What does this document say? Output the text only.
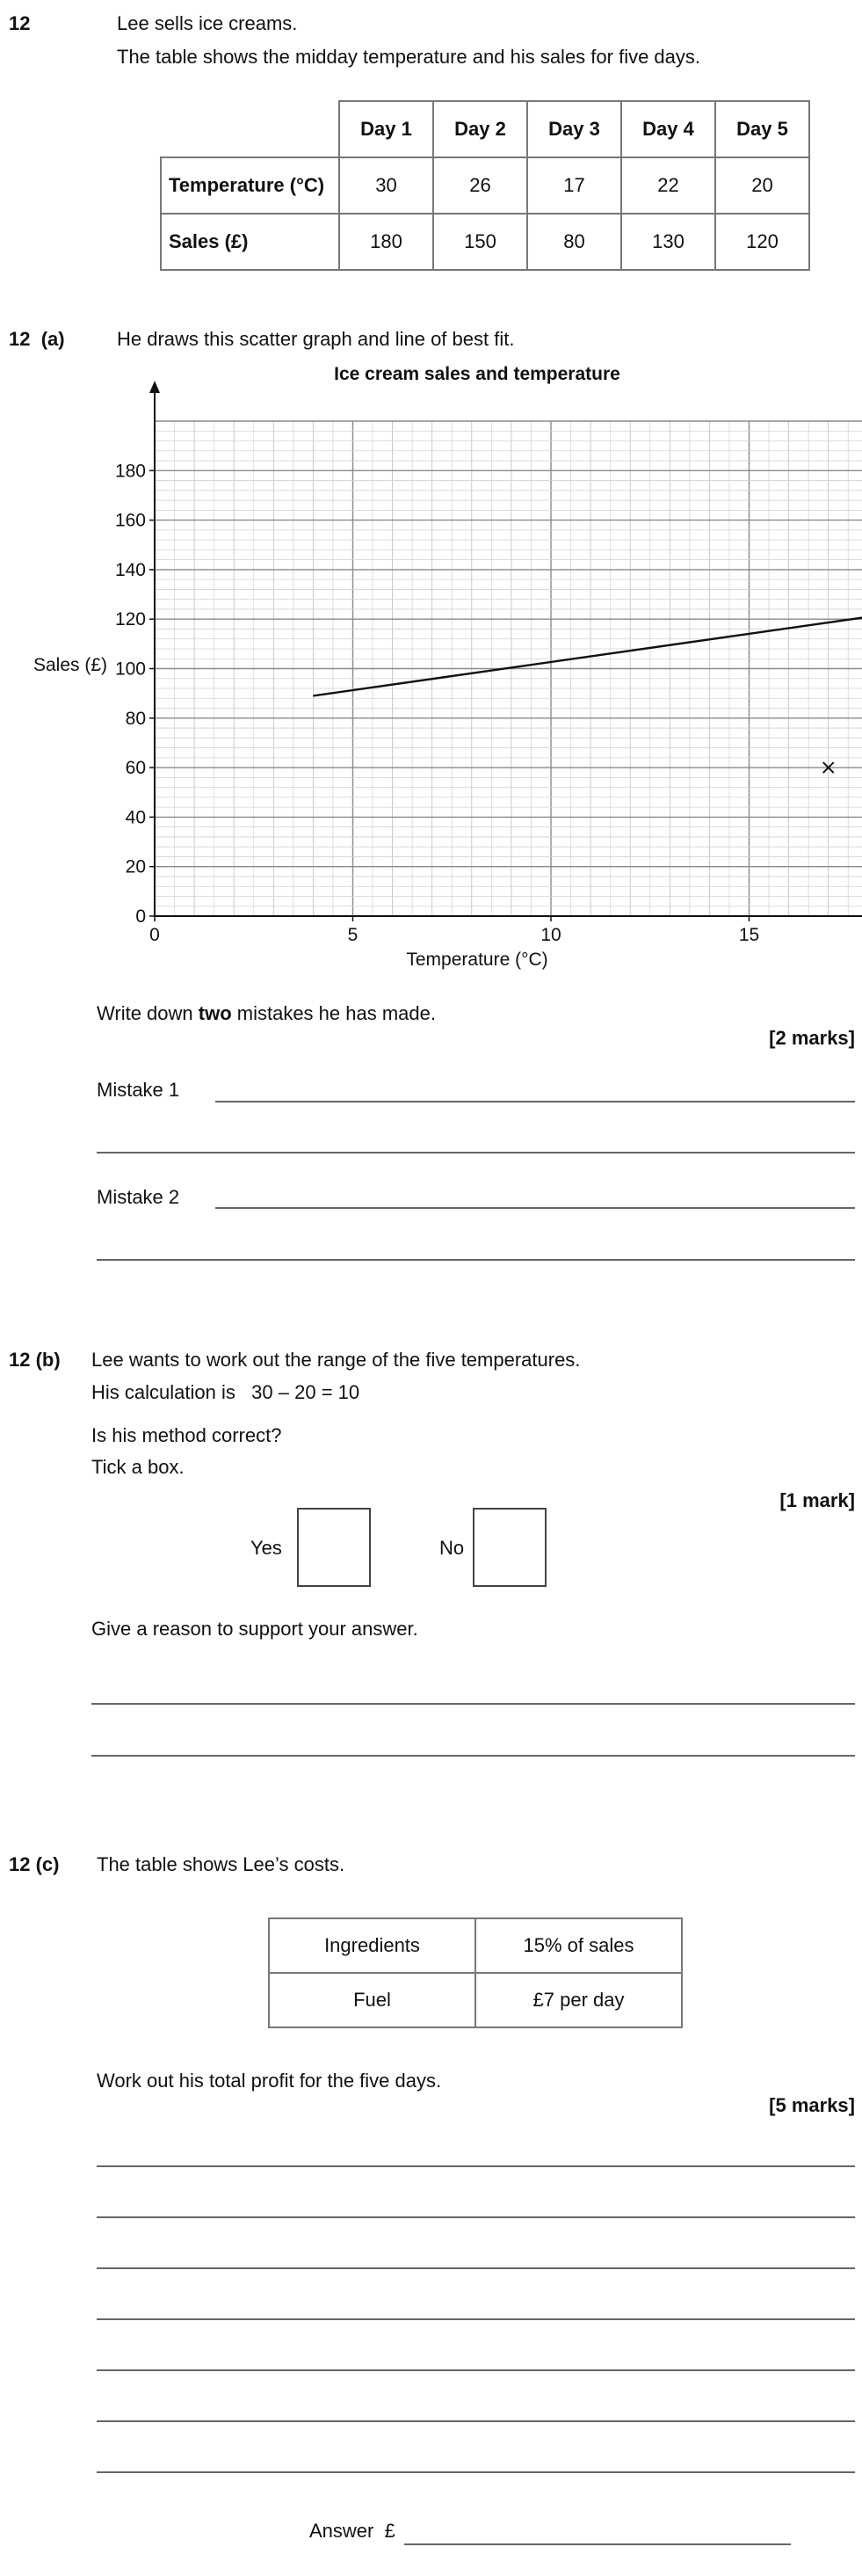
12	Lee sells ice creams.
The table shows the midday temperature and his sales for five days.
	Day 1	Day 2	Day 3	Day 4	Day 5
Temperature (°C)	30	26	17	22	20
Sales (£)	180	150	80	130	120
12  (a)	He draws this scatter graph and line of best fit.
Ice cream sales and temperature
0	5	10	15
0
20
40
60
80
100
120
140
160
180
Sales (£)
Temperature (°C)
Write down two mistakes he has made.
[2 marks]
Mistake 1
Mistake 2
12 (b) Lee wants to work out the range of the five temperatures.
His calculation is   30 – 20 = 10
Is his method correct?
Tick a box.
[1 mark]
Yes	No
Give a reason to support your answer.
12 (c) The table shows Lee’s costs.
Ingredients	15% of sales
Fuel	£7 per day
Work out his total profit for the five days.
[5 marks]
Answer  £
